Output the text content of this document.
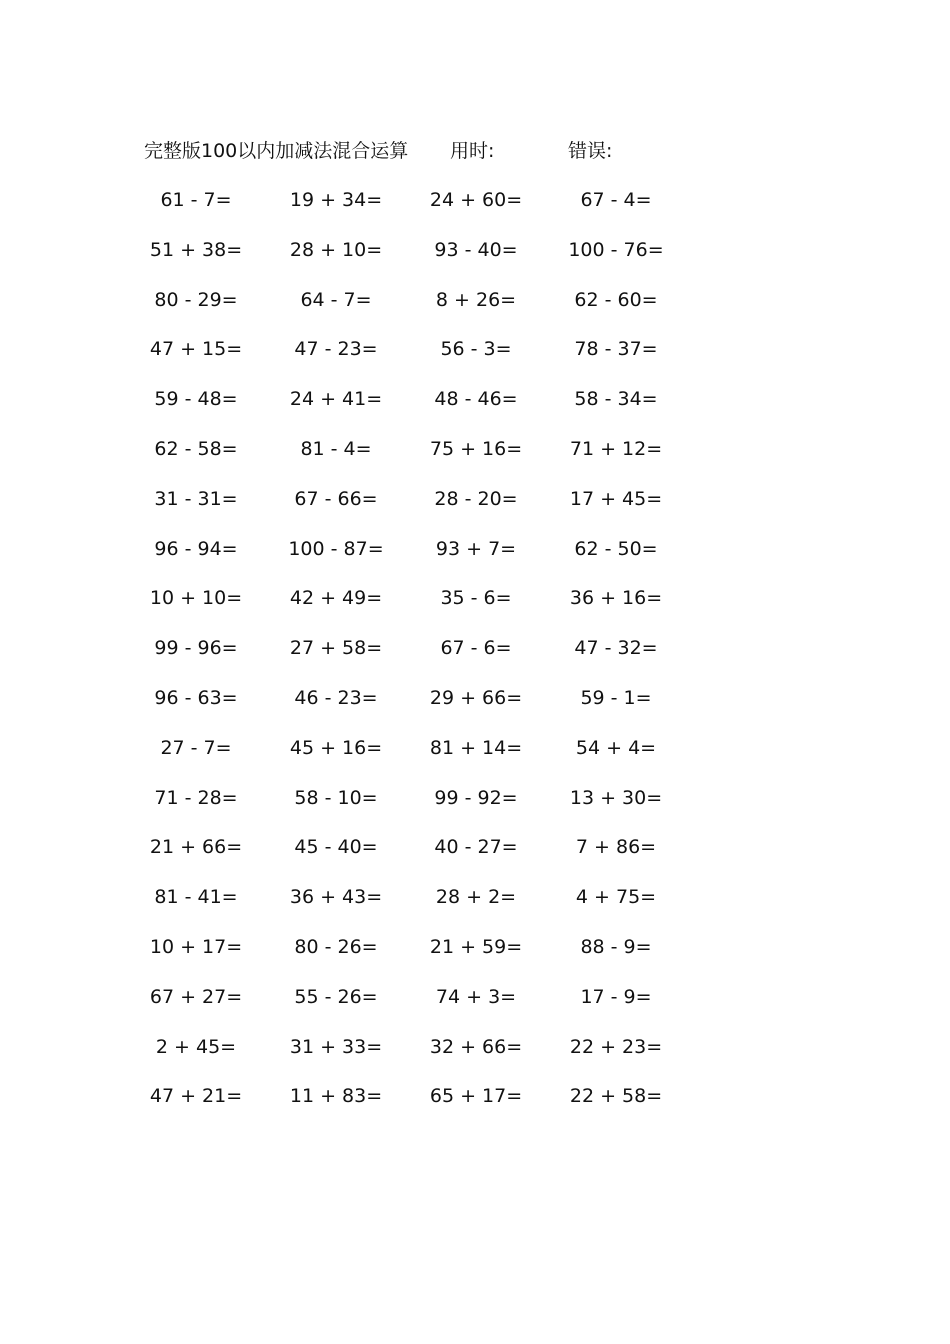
完整版100以内加减法混合运算 用时:	错误:
61 - 7=	19 + 34=	24 + 60=	67 - 4=
51 + 38=	28 + 10=	93 - 40=	100 - 76=
80 - 29=	64 - 7=	8 + 26=	62 - 60=
47 + 15=	47 - 23=	56 - 3=	78 - 37=
59 - 48=	24 + 41=	48 - 46=	58 - 34=
62 - 58=	81 - 4=	75 + 16=	71 + 12=
31 - 31=	67 - 66=	28 - 20=	17 + 45=
96 - 94=	100 - 87=	93 + 7=	62 - 50=
10 + 10=	42 + 49=	35 - 6=	36 + 16=
99 - 96=	27 + 58=	67 - 6=	47 - 32=
96 - 63=	46 - 23=	29 + 66=	59 - 1=
27 - 7=	45 + 16=	81 + 14=	54 + 4=
71 - 28=	58 - 10=	99 - 92=	13 + 30=
21 + 66=	45 - 40=	40 - 27=	7 + 86=
81 - 41=	36 + 43=	28 + 2=	4 + 75=
10 + 17=	80 - 26=	21 + 59=	88 - 9=
67 + 27=	55 - 26=	74 + 3=	17 - 9=
2 + 45=	31 + 33=	32 + 66=	22 + 23=
47 + 21=	11 + 83=	65 + 17=	22 + 58=
